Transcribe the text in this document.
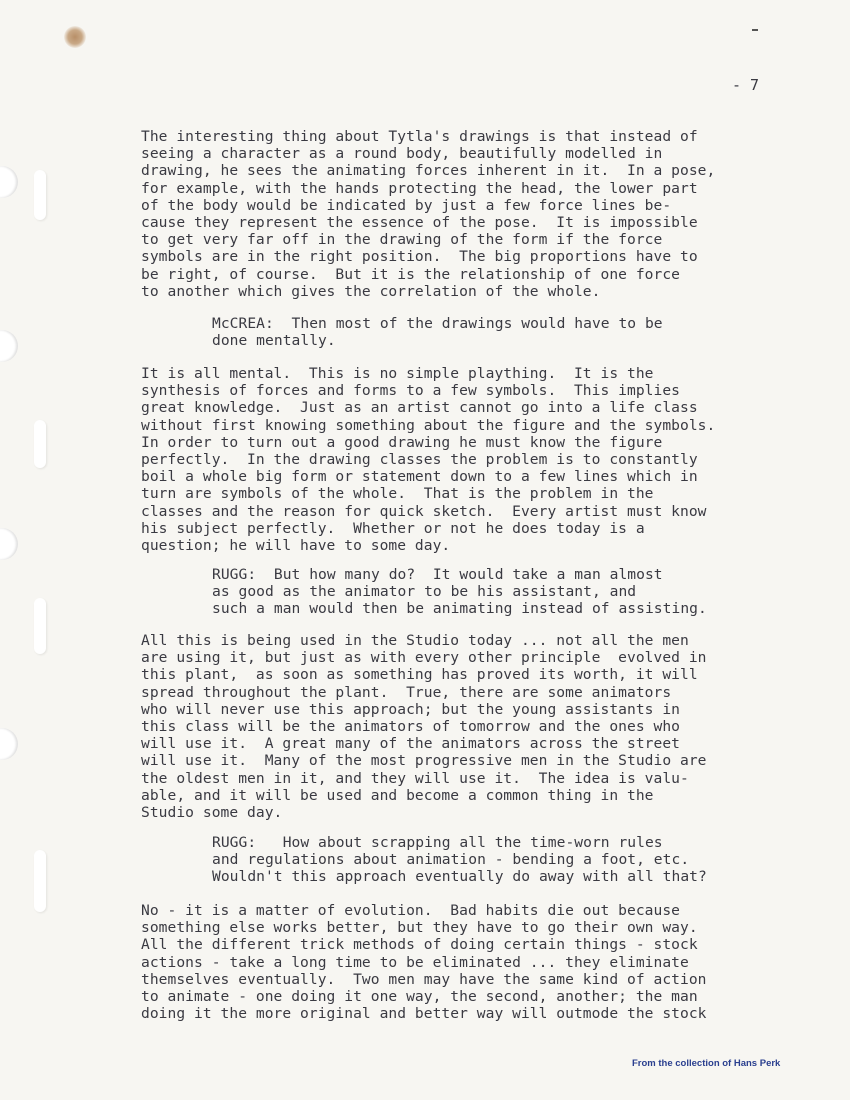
- 7
The interesting thing about Tytla's drawings is that instead of
seeing a character as a round body, beautifully modelled in
drawing, he sees the animating forces inherent in it.  In a pose,
for example, with the hands protecting the head, the lower part
of the body would be indicated by just a few force lines be-
cause they represent the essence of the pose.  It is impossible
to get very far off in the drawing of the form if the force
symbols are in the right position.  The big proportions have to
be right, of course.  But it is the relationship of one force
to another which gives the correlation of the whole.
McCREA:  Then most of the drawings would have to be
done mentally.
It is all mental.  This is no simple plaything.  It is the
synthesis of forces and forms to a few symbols.  This implies
great knowledge.  Just as an artist cannot go into a life class
without first knowing something about the figure and the symbols.
In order to turn out a good drawing he must know the figure
perfectly.  In the drawing classes the problem is to constantly
boil a whole big form or statement down to a few lines which in
turn are symbols of the whole.  That is the problem in the
classes and the reason for quick sketch.  Every artist must know
his subject perfectly.  Whether or not he does today is a
question; he will have to some day.
RUGG:  But how many do?  It would take a man almost
as good as the animator to be his assistant, and
such a man would then be animating instead of assisting.
All this is being used in the Studio today ... not all the men
are using it, but just as with every other principle  evolved in
this plant,  as soon as something has proved its worth, it will
spread throughout the plant.  True, there are some animators
who will never use this approach; but the young assistants in
this class will be the animators of tomorrow and the ones who
will use it.  A great many of the animators across the street
will use it.  Many of the most progressive men in the Studio are
the oldest men in it, and they will use it.  The idea is valu-
able, and it will be used and become a common thing in the
Studio some day.
RUGG:   How about scrapping all the time-worn rules
and regulations about animation - bending a foot, etc.
Wouldn't this approach eventually do away with all that?
No - it is a matter of evolution.  Bad habits die out because
something else works better, but they have to go their own way.
All the different trick methods of doing certain things - stock
actions - take a long time to be eliminated ... they eliminate
themselves eventually.  Two men may have the same kind of action
to animate - one doing it one way, the second, another; the man
doing it the more original and better way will outmode the stock
From the collection of Hans Perk
